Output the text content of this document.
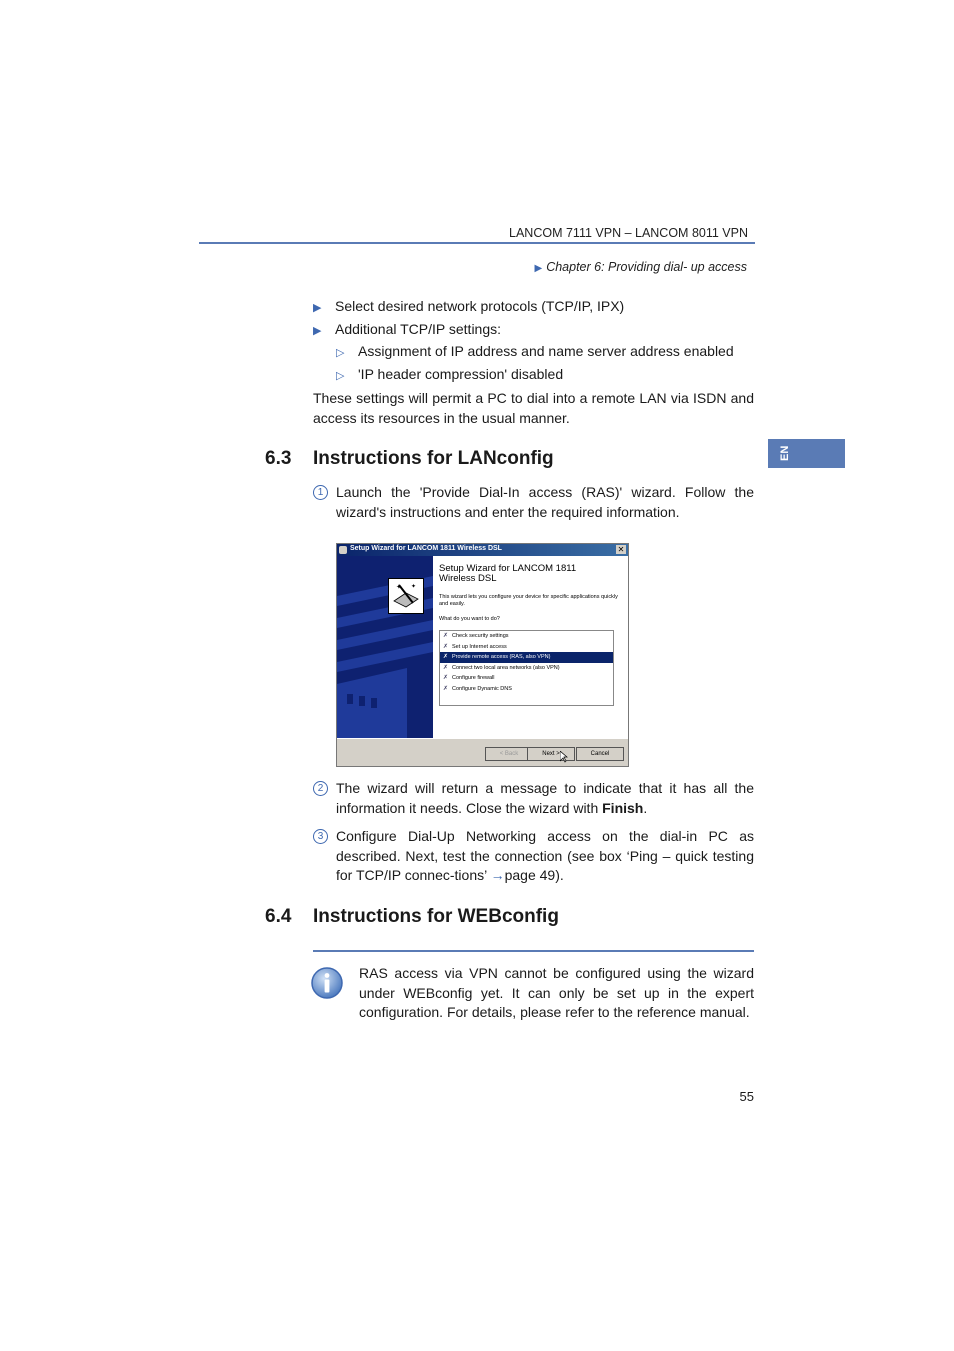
LANCOM 7111 VPN – LANCOM 8011 VPN
▶ Chapter 6: Providing dial- up access
EN
▶ Select desired network protocols (TCP/IP, IPX)
▶ Additional TCP/IP settings:
▷ Assignment of IP address and name server address enabled
▷ 'IP header compression' disabled
These settings will permit a PC to dial into a remote LAN via ISDN and access its resources in the usual manner.
6.3 Instructions for LANconfig
1 Launch the 'Provide Dial-In access (RAS)' wizard. Follow the wizard's instructions and enter the required information.
Setup Wizard for LANCOM 1811 Wireless DSL	✕
✦ ✦
Setup Wizard for LANCOM 1811 Wireless DSL
This wizard lets you configure your device for specific applications quickly and easily.
What do you want to do?
✗ Check security settings
✗ Set up Internet access
✗ Provide remote access (RAS, also VPN)
✗ Connect two local area networks (also VPN)
✗ Configure firewall
✗ Configure Dynamic DNS
< Back	Next >	Cancel
2 The wizard will return a message to indicate that it has all the information it needs. Close the wizard with Finish.
3 Configure Dial-Up Networking access on the dial-in PC as described. Next, test the connection (see box ‘Ping – quick testing for TCP/IP connec-tions’ →page 49).
6.4 Instructions for WEBconfig
RAS access via VPN cannot be configured using the wizard under WEBconfig yet. It can only be set up in the expert configuration. For details, please refer to the reference manual.
55
